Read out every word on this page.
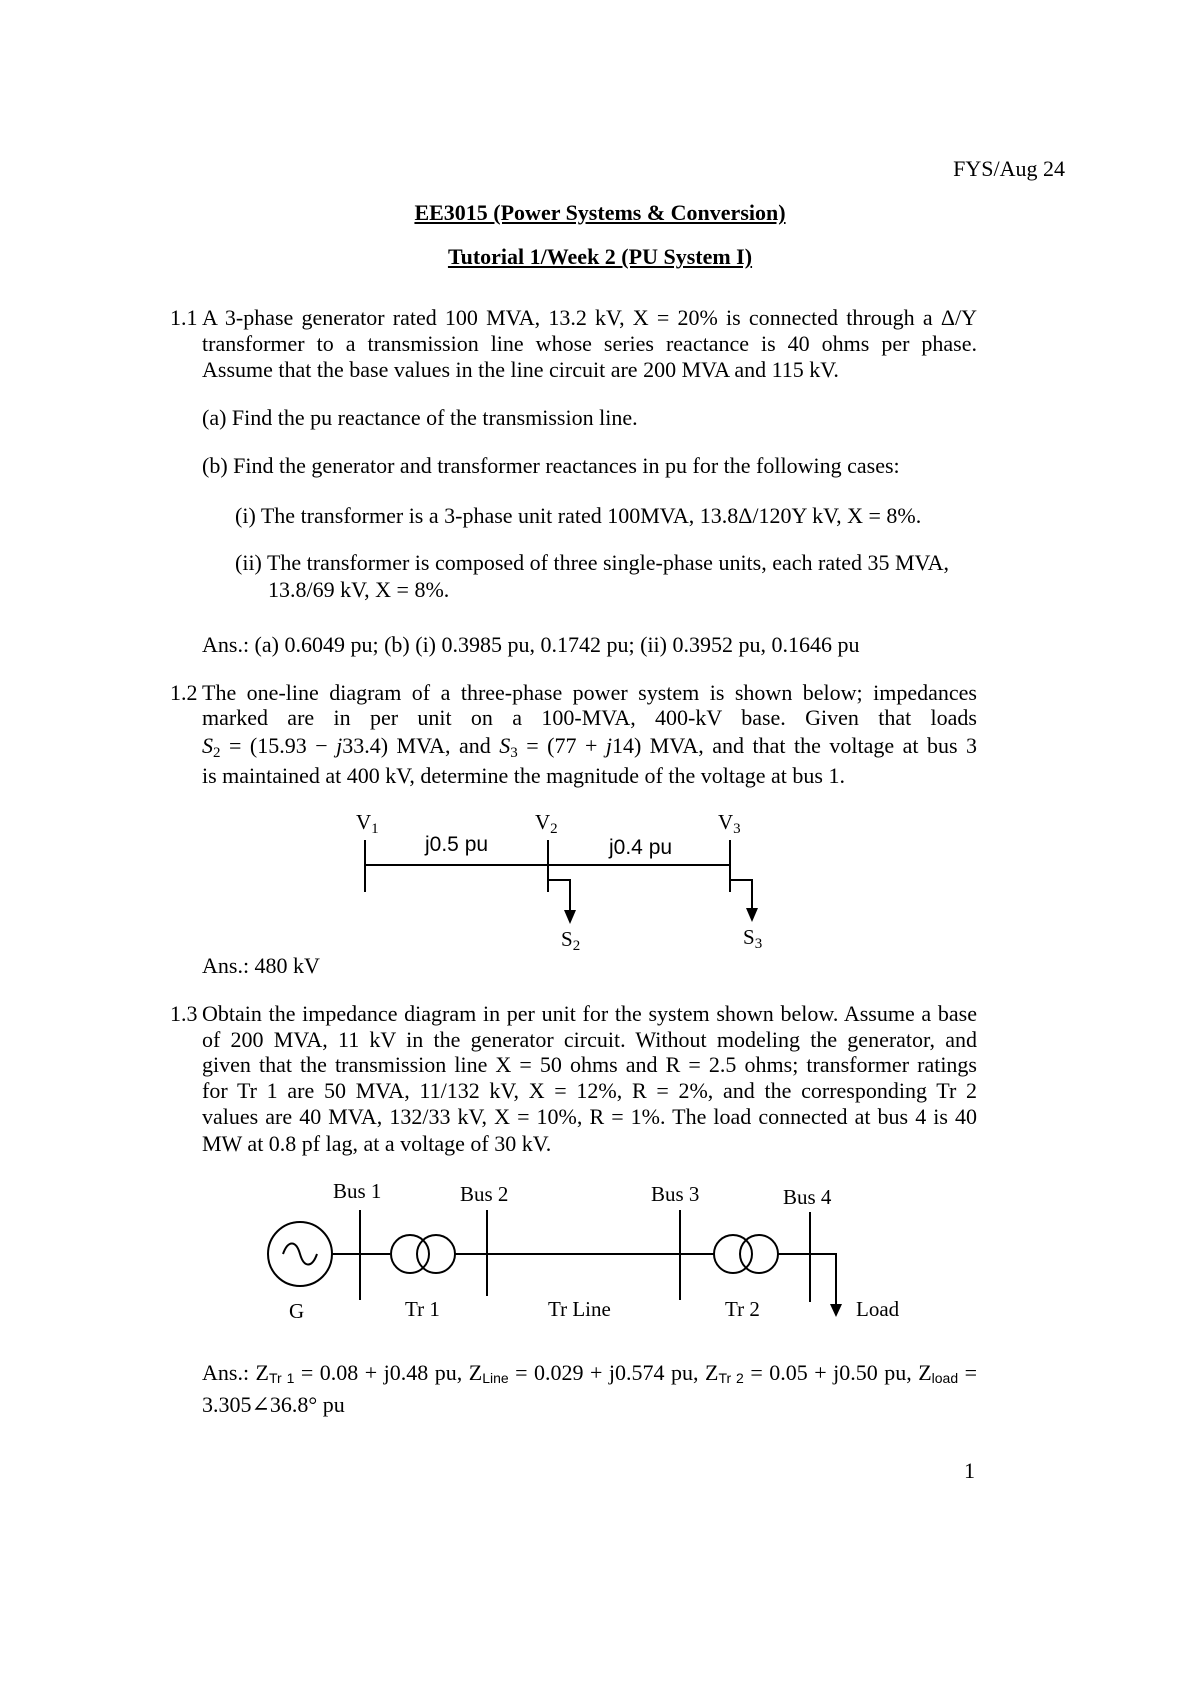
FYS/Aug 24
EE3015 (Power Systems & Conversion)
Tutorial 1/Week 2 (PU System I)
1.1 A 3-phase generator rated 100 MVA, 13.2 kV, X = 20% is connected through a Δ/Y
transformer to a transmission line whose series reactance is 40 ohms per phase.
Assume that the base values in the line circuit are 200 MVA and 115 kV.
(a) Find the pu reactance of the transmission line.
(b) Find the generator and transformer reactances in pu for the following cases:
(i) The transformer is a 3-phase unit rated 100MVA, 13.8Δ/120Y kV, X = 8%.
(ii) The transformer is composed of three single-phase units, each rated 35 MVA,
13.8/69 kV, X = 8%.
Ans.: (a) 0.6049 pu; (b) (i) 0.3985 pu, 0.1742 pu; (ii) 0.3952 pu, 0.1646 pu
1.2 The one-line diagram of a three-phase power system is shown below; impedances
marked are in per unit on a 100-MVA, 400-kV base. Given that loads
$S_2 = (15.93 - j33.4)$ MVA, and $S_3 = (77 + j14)$ MVA, and that the voltage at bus 3
is maintained at 400 kV, determine the magnitude of the voltage at bus 1.
V1	V2	V3
j0.5 pu	j0.4 pu
S2	S3
Ans.: 480 kV
1.3 Obtain the impedance diagram in per unit for the system shown below. Assume a base
of 200 MVA, 11 kV in the generator circuit. Without modeling the generator, and
given that the transmission line X = 50 ohms and R = 2.5 ohms; transformer ratings
for Tr 1 are 50 MVA, 11/132 kV, X = 12%, R = 2%, and the corresponding Tr 2
values are 40 MVA, 132/33 kV, X = 10%, R = 1%. The load connected at bus 4 is 40
MW at 0.8 pf lag, at a voltage of 30 kV.
Bus 1	Bus 2	Bus 3	Bus 4
G	Tr 1	Tr Line	Tr 2	Load
Ans.: ZTr 1 = 0.08 + j0.48 pu, ZLine = 0.029 + j0.574 pu, ZTr 2 = 0.05 + j0.50 pu, Zload =
3.305∠36.8° pu
1
